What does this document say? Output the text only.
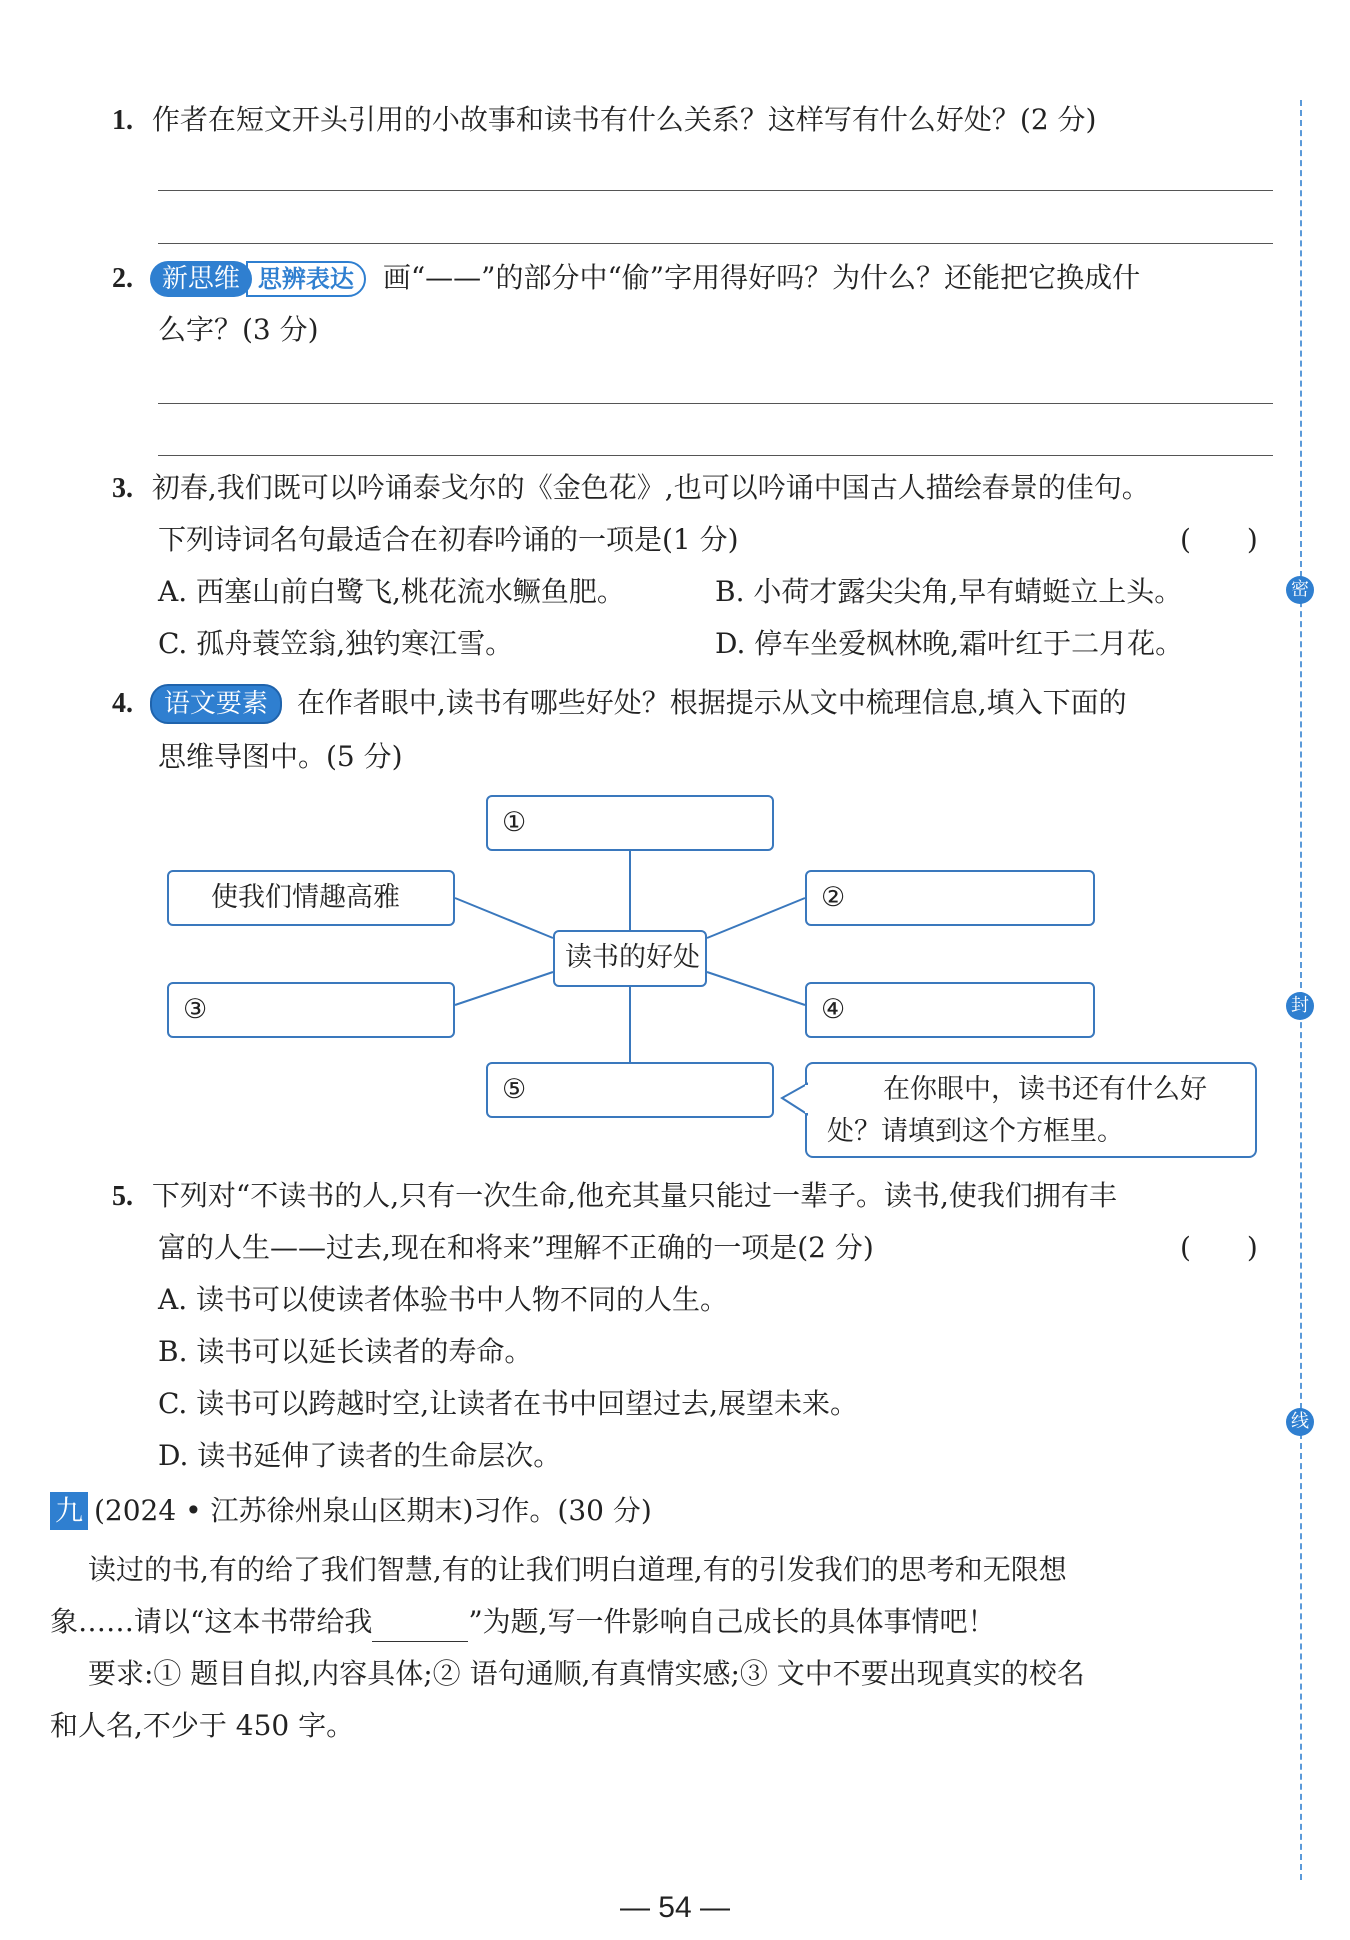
密
封
线
1. 作者在短文开头引用的小故事和读书有什么关系？这样写有什么好处？(2 分)
2. 新思维 思辨表达 画“——”的部分中“偷”字用得好吗？为什么？还能把它换成什
么字？(3 分)
3. 初春,我们既可以吟诵泰戈尔的《金色花》,也可以吟诵中国古人描绘春景的佳句。
下列诗词名句最适合在初春吟诵的一项是(1 分)	(　　)
A. 西塞山前白鹭飞,桃花流水鳜鱼肥。	B. 小荷才露尖尖角,早有蜻蜓立上头。
C. 孤舟蓑笠翁,独钓寒江雪。	D. 停车坐爱枫林晚,霜叶红于二月花。
4. 语文要素 在作者眼中,读书有哪些好处？根据提示从文中梳理信息,填入下面的
思维导图中。(5 分)
①
使我们情趣高雅	②
读书的好处
③	④
⑤	在你眼中，读书还有什么好
处？请填到这个方框里。
5. 下列对“不读书的人,只有一次生命,他充其量只能过一辈子。读书,使我们拥有丰
富的人生——过去,现在和将来”理解不正确的一项是(2 分)	(　　)
A. 读书可以使读者体验书中人物不同的人生。
B. 读书可以延长读者的寿命。
C. 读书可以跨越时空,让读者在书中回望过去,展望未来。
D. 读书延伸了读者的生命层次。
九 (2024 • 江苏徐州泉山区期末)习作。(30 分)
读过的书,有的给了我们智慧,有的让我们明白道理,有的引发我们的思考和无限想
象……请以“这本书带给我	”为题,写一件影响自己成长的具体事情吧！
要求:① 题目自拟,内容具体;② 语句通顺,有真情实感;③ 文中不要出现真实的校名
和人名,不少于 450 字。
— 54 —
